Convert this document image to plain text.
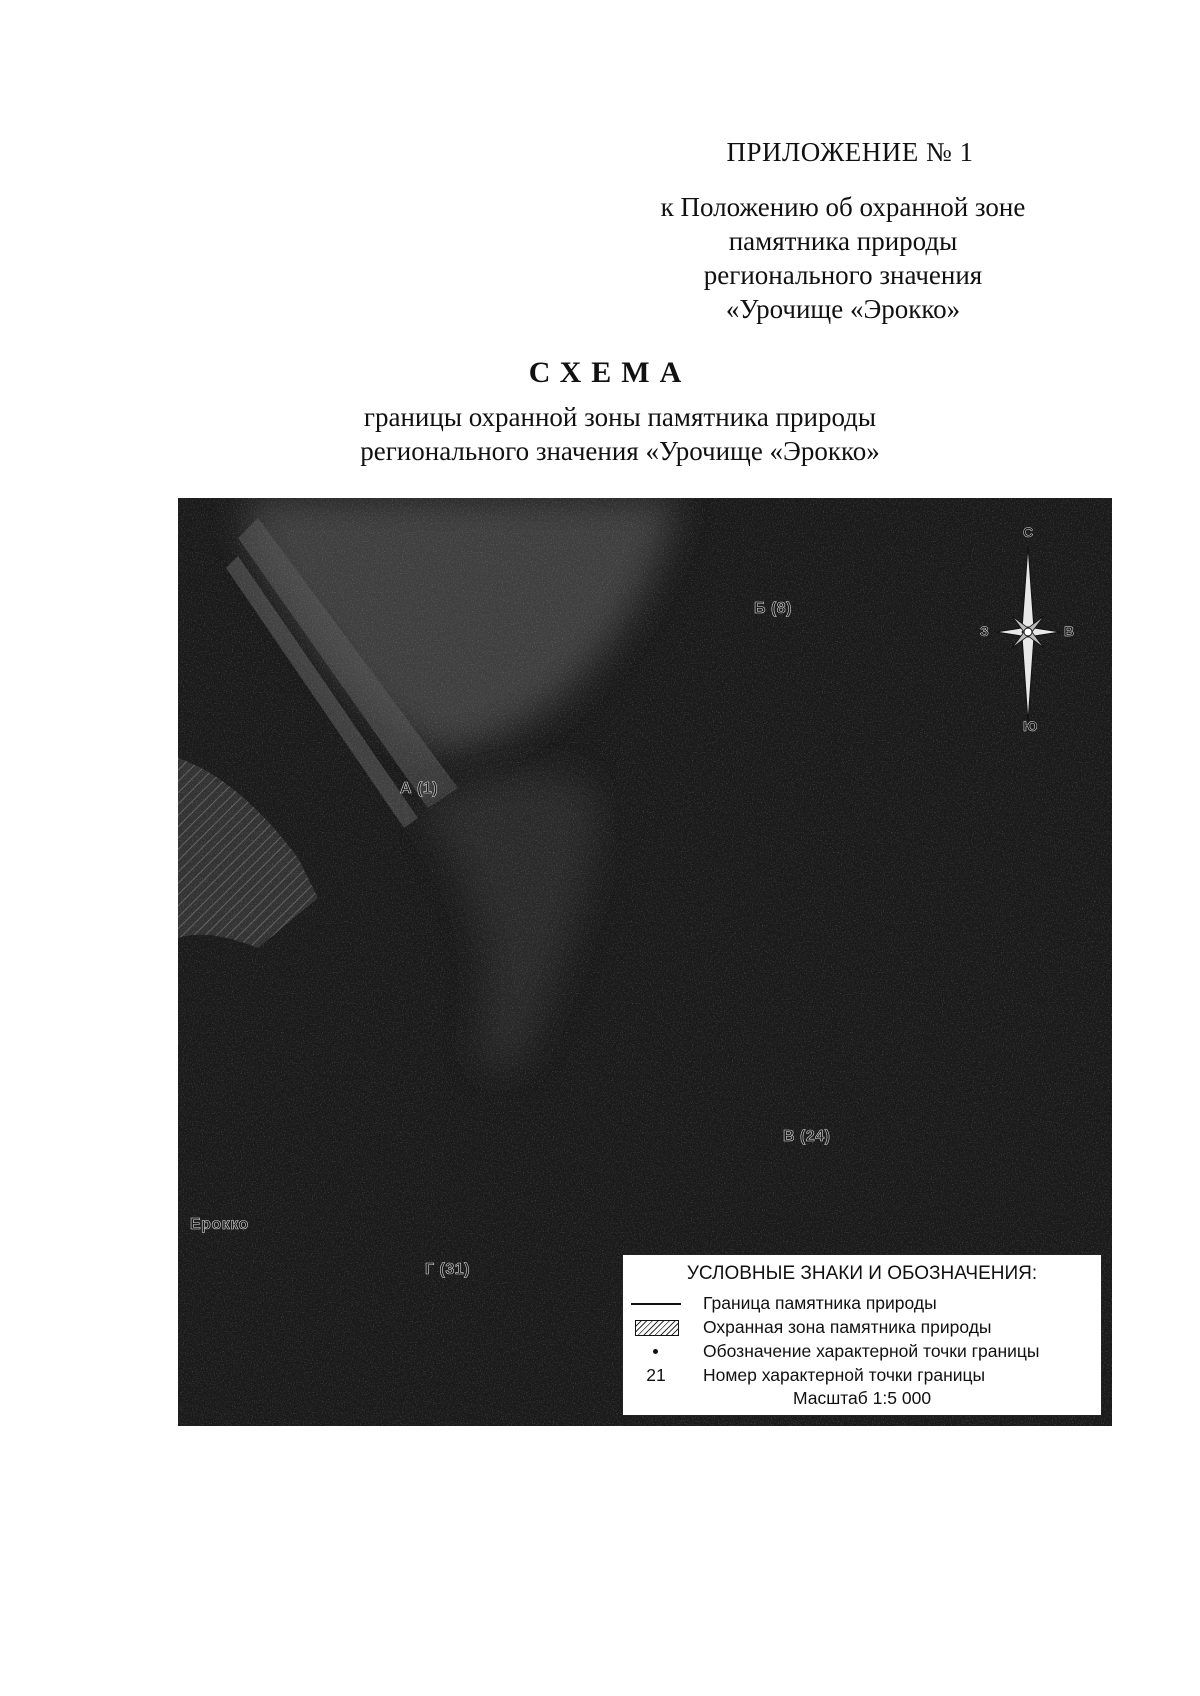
ПРИЛОЖЕНИЕ № 1
к Положению об охранной зоне
памятника природы
регионального значения
«Урочище «Эрокко»
СХЕМА
границы охранной зоны памятника природы
регионального значения «Урочище «Эрокко»
А (1)
Б (8)
В (24)
Г (31)
Ерокко
С
Ю
З	В
УСЛОВНЫЕ ЗНАКИ И ОБОЗНАЧЕНИЯ:
Граница памятника природы
Охранная зона памятника природы
Обозначение характерной точки границы
21	Номер характерной точки границы
Масштаб 1:5 000
